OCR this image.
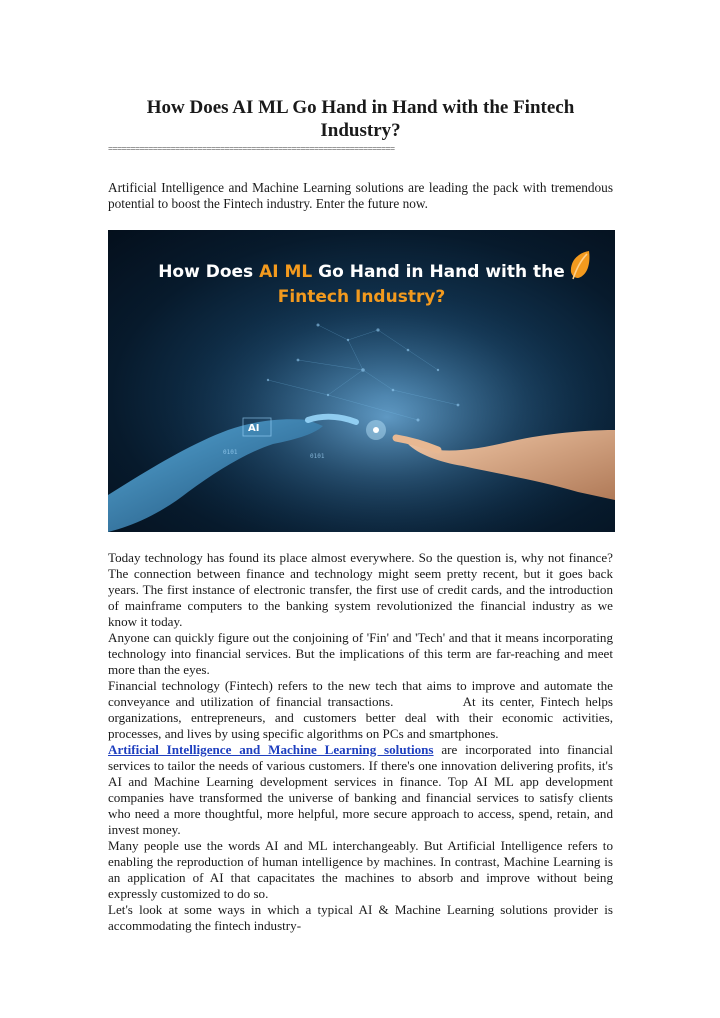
How Does AI ML Go Hand in Hand with the Fintech Industry?
================================================================

Artificial Intelligence and Machine Learning solutions are leading the pack with tremendous potential to boost the Fintech industry. Enter the future now.

AI
0101
0101
How Does AI ML Go Hand in Hand with the
Fintech Industry?

Today technology has found its place almost everywhere. So the question is, why not finance? The connection between finance and technology might seem pretty recent, but it goes back years. The first instance of electronic transfer, the first use of credit cards, and the introduction of mainframe computers to the banking system revolutionized the financial industry as we know it today.

Anyone can quickly figure out the conjoining of 'Fin' and 'Tech' and that it means incorporating technology into financial services. But the implications of this term are far-reaching and meet more than the eyes.

Financial technology (Fintech) refers to the new tech that aims to improve and automate the conveyance and utilization of financial transactions.            At its center, Fintech helps organizations, entrepreneurs, and customers better deal with their economic activities, processes, and lives by using specific algorithms on PCs and smartphones.

Artificial Intelligence and Machine Learning solutions are incorporated into financial services to tailor the needs of various customers. If there's one innovation delivering profits, it's AI and Machine Learning development services in finance. Top AI ML app development companies have transformed the universe of banking and financial services to satisfy clients who need a more thoughtful, more helpful, more secure approach to access, spend, retain, and invest money.

Many people use the words AI and ML interchangeably. But Artificial Intelligence refers to enabling the reproduction of human intelligence by machines. In contrast, Machine Learning is an application of AI that capacitates the machines to absorb and improve without being expressly customized to do so.

Let's look at some ways in which a typical AI & Machine Learning solutions provider is accommodating the fintech industry-
